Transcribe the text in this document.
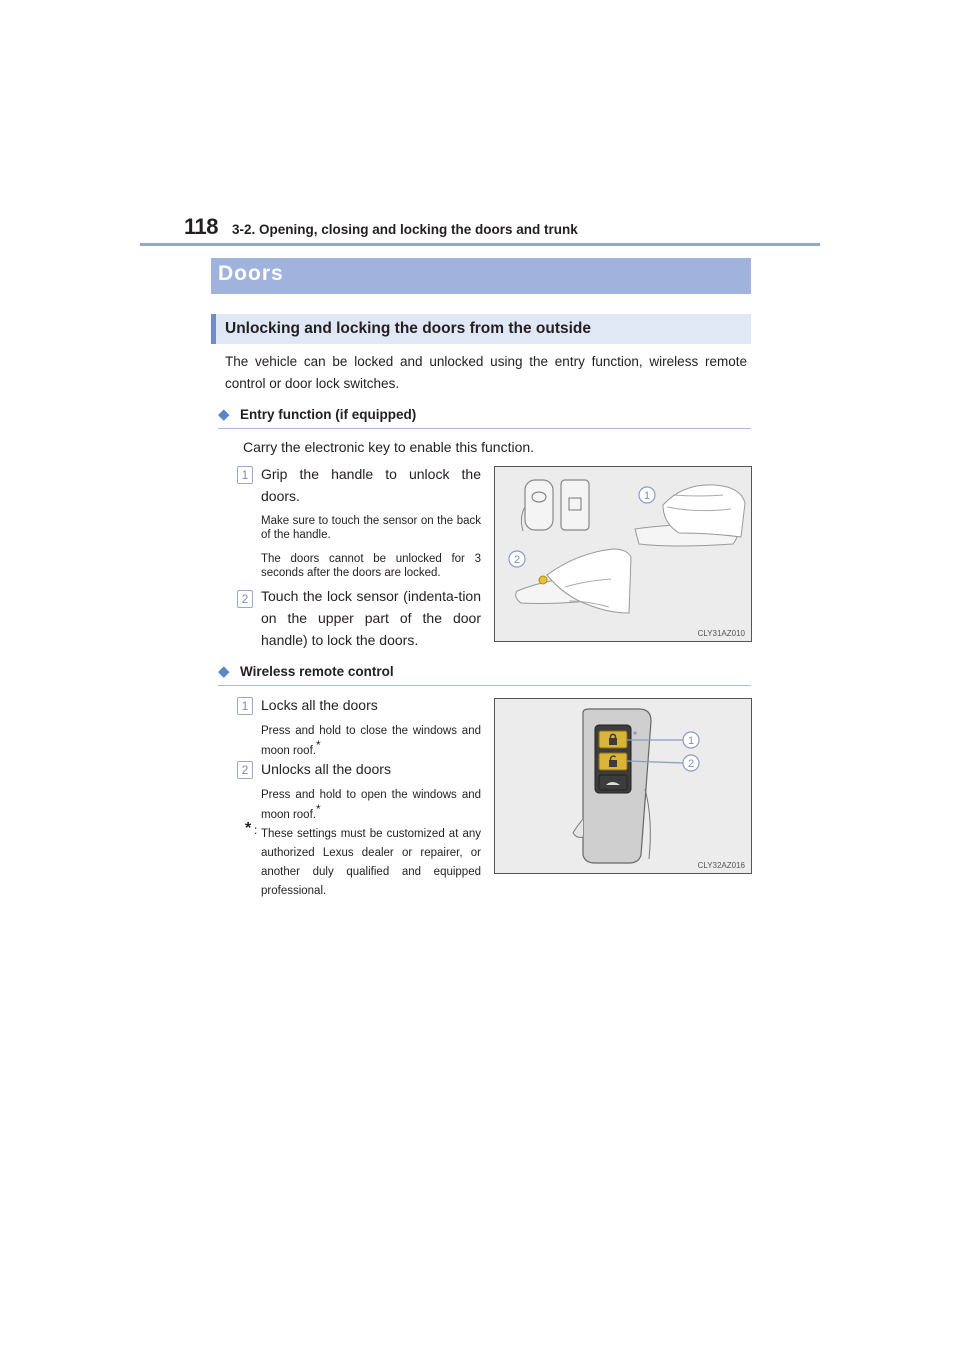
118 3-2. Opening, closing and locking the doors and trunk
Doors
Unlocking and locking the doors from the outside
The vehicle can be locked and unlocked using the entry function, wireless remote control or door lock switches.
◆ Entry function (if equipped)
Carry the electronic key to enable this function.
1 Grip the handle to unlock the doors.
Make sure to touch the sensor on the back of the handle.
The doors cannot be unlocked for 3 seconds after the doors are locked.
2 Touch the lock sensor (indenta-tion on the upper part of the door handle) to lock the doors.
1
2
CLY31AZ010
◆ Wireless remote control
1 Locks all the doors
Press and hold to close the windows and moon roof.*
2 Unlocks all the doors
Press and hold to open the windows and moon roof.*
* : These settings must be customized at any authorized Lexus dealer or repairer, or another duly qualified and equipped professional.
1
2
CLY32AZ016
